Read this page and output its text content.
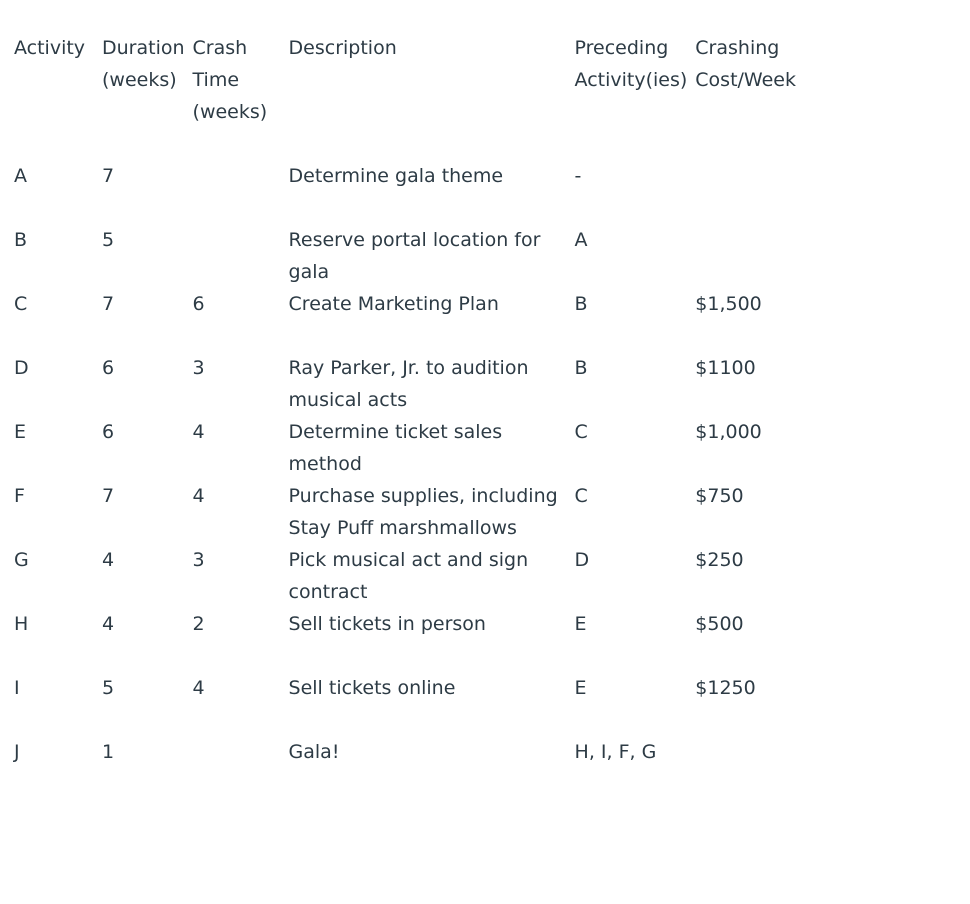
Activity	Duration (weeks)	Crash Time (weeks)	Description	Preceding Activity(ies)	Crashing Cost/Week
A	7		Determine gala theme	-	
B	5		Reserve portal location for gala	A	
C	7	6	Create Marketing Plan	B	$1,500
D	6	3	Ray Parker, Jr. to audition musical acts	B	$1100
E	6	4	Determine ticket sales method	C	$1,000
F	7	4	Purchase supplies, including Stay Puff marshmallows	C	$750
G	4	3	Pick musical act and sign contract	D	$250
H	4	2	Sell tickets in person	E	$500
I	5	4	Sell tickets online	E	$1250
J	1		Gala!	H, I, F, G	
